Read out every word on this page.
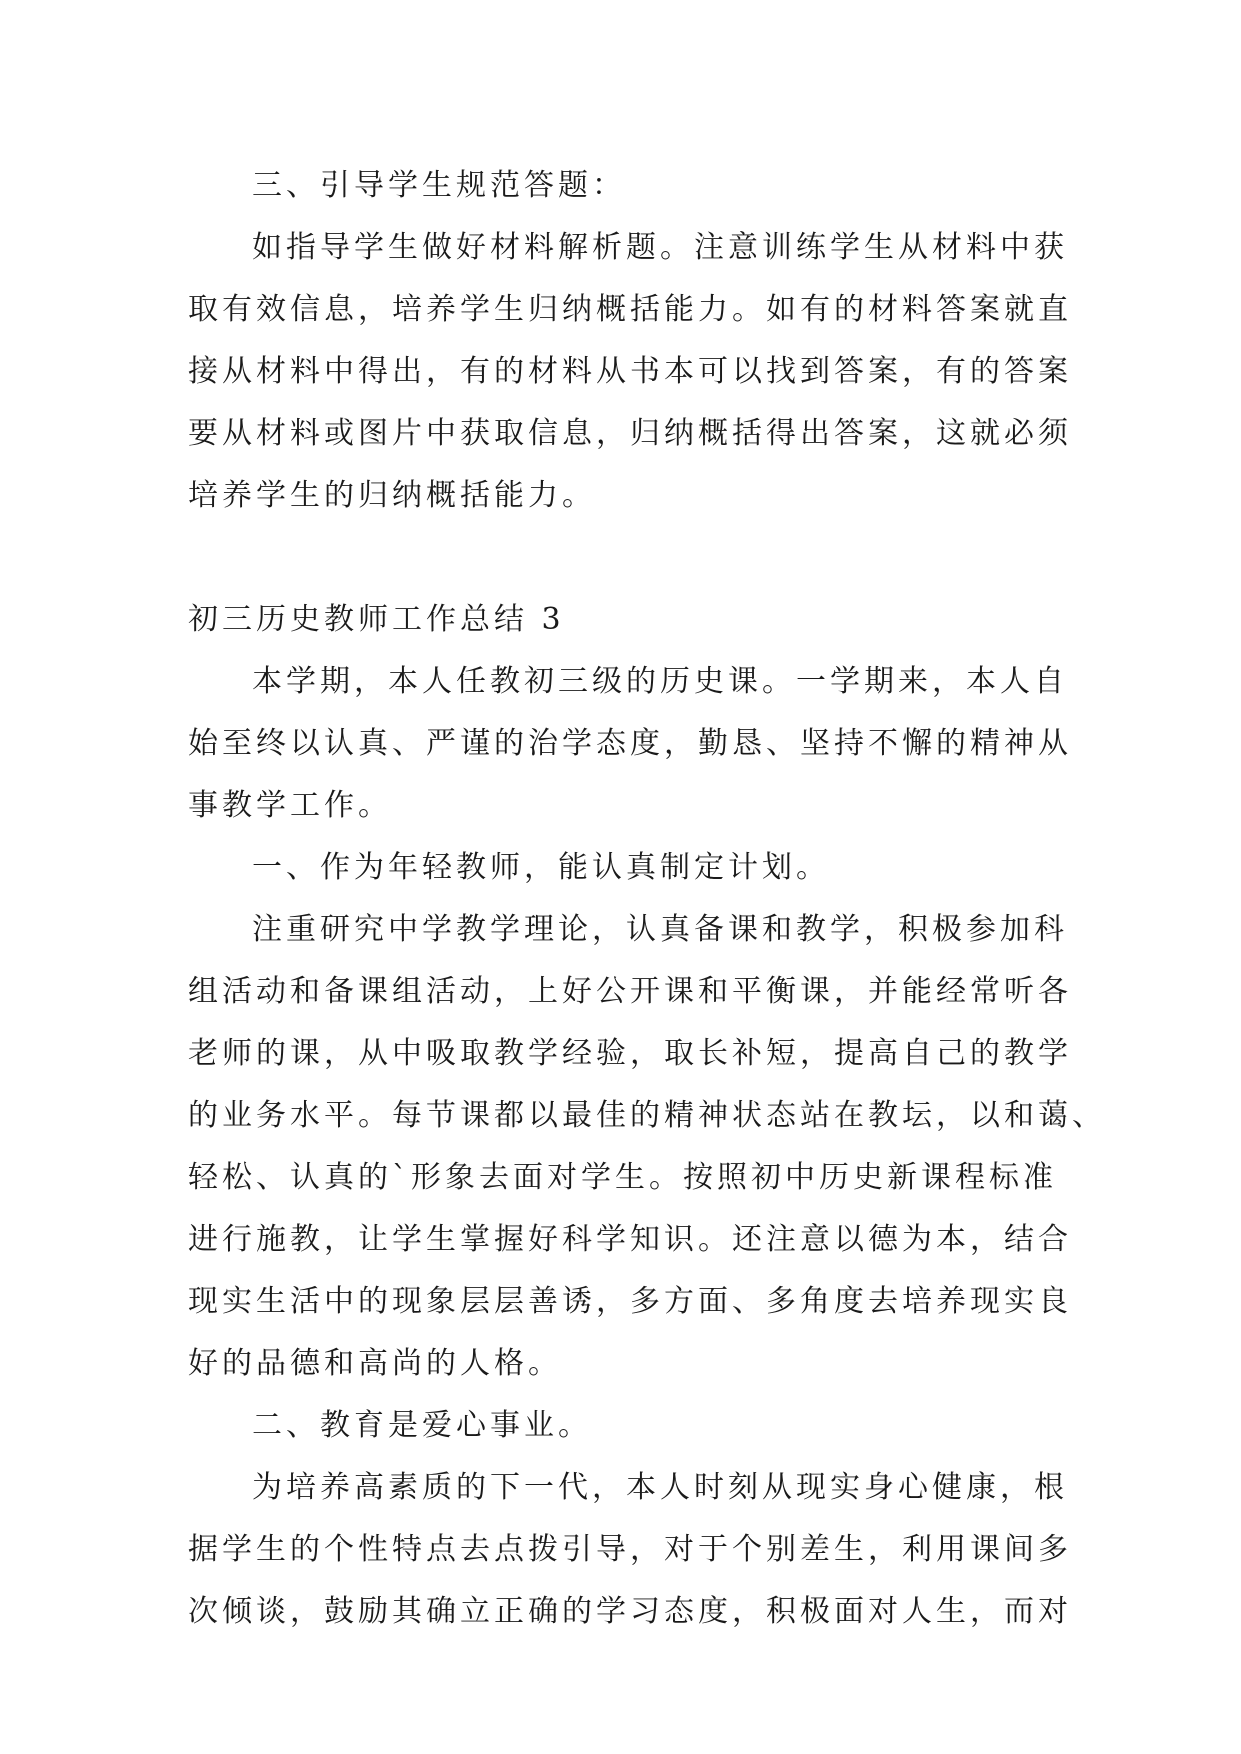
三、引导学生规范答题：
如指导学生做好材料解析题。注意训练学生从材料中获
取有效信息，培养学生归纳概括能力。如有的材料答案就直
接从材料中得出，有的材料从书本可以找到答案，有的答案
要从材料或图片中获取信息，归纳概括得出答案，这就必须
培养学生的归纳概括能力。
初三历史教师工作总结 3
本学期，本人任教初三级的历史课。一学期来，本人自
始至终以认真、严谨的治学态度，勤恳、坚持不懈的精神从
事教学工作。
一、作为年轻教师，能认真制定计划。
注重研究中学教学理论，认真备课和教学，积极参加科
组活动和备课组活动，上好公开课和平衡课，并能经常听各
老师的课，从中吸取教学经验，取长补短，提高自己的教学
的业务水平。每节课都以最佳的精神状态站在教坛，以和蔼、
轻松、认真的`形象去面对学生。按照初中历史新课程标准
进行施教，让学生掌握好科学知识。还注意以德为本，结合
现实生活中的现象层层善诱，多方面、多角度去培养现实良
好的品德和高尚的人格。
二、教育是爱心事业。
为培养高素质的下一代，本人时刻从现实身心健康，根
据学生的个性特点去点拨引导，对于个别差生，利用课间多
次倾谈，鼓励其确立正确的学习态度，积极面对人生，而对
